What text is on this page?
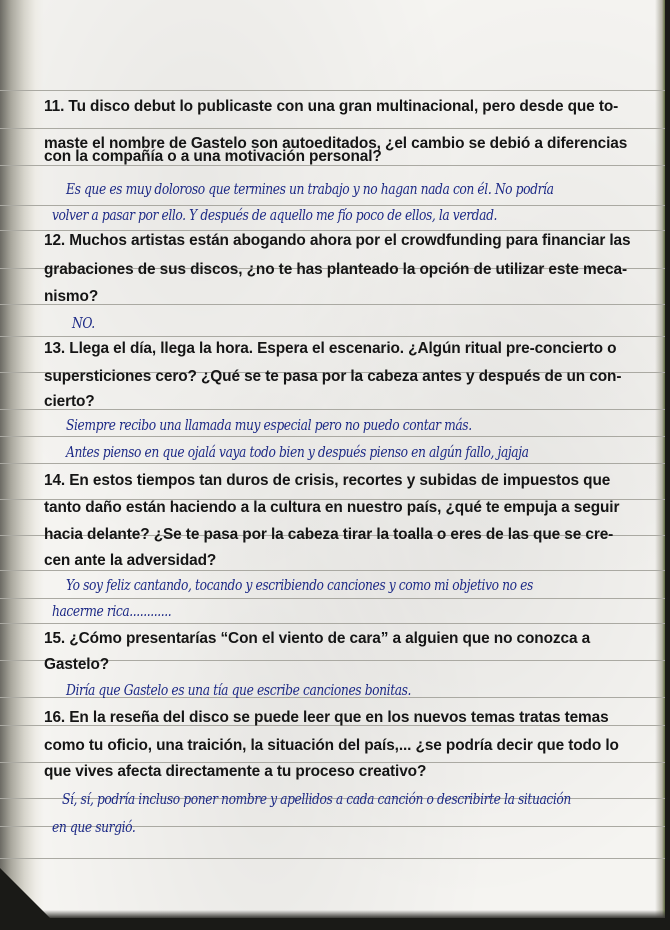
11. Tu disco debut lo publicaste con una gran multinacional, pero desde que to-
maste el nombre de Gastelo son autoeditados, ¿el cambio se debió a diferencias
con la compañía o a una motivación personal?
Es que es muy doloroso que termines un trabajo y no hagan nada con él. No podría
volver a pasar por ello. Y después de aquello me fío poco de ellos, la verdad.
12. Muchos artistas están abogando ahora por el crowdfunding para financiar las
grabaciones de sus discos, ¿no te has planteado la opción de utilizar este meca-
nismo?
NO.
13. Llega el día, llega la hora. Espera el escenario. ¿Algún ritual pre-concierto o
supersticiones cero? ¿Qué se te pasa por la cabeza antes y después de un con-
cierto?
Siempre recibo una llamada muy especial pero no puedo contar más.
Antes pienso en que ojalá vaya todo bien y después pienso en algún fallo, jajaja
14. En estos tiempos tan duros de crisis, recortes y subidas de impuestos que
tanto daño están haciendo a la cultura en nuestro país, ¿qué te empuja a seguir
hacia delante? ¿Se te pasa por la cabeza tirar la toalla o eres de las que se cre-
cen ante la adversidad?
Yo soy feliz cantando, tocando y escribiendo canciones y como mi objetivo no es
hacerme rica............
15. ¿Cómo presentarías “Con el viento de cara” a alguien que no conozca a
Gastelo?
Diría que Gastelo es una tía que escribe canciones bonitas.
16. En la reseña del disco se puede leer que en los nuevos temas tratas temas
como tu oficio, una traición, la situación del país,... ¿se podría decir que todo lo
que vives afecta directamente a tu proceso creativo?
Sí, sí, podría incluso poner nombre y apellidos a cada canción o describirte la situación
en que surgió.
